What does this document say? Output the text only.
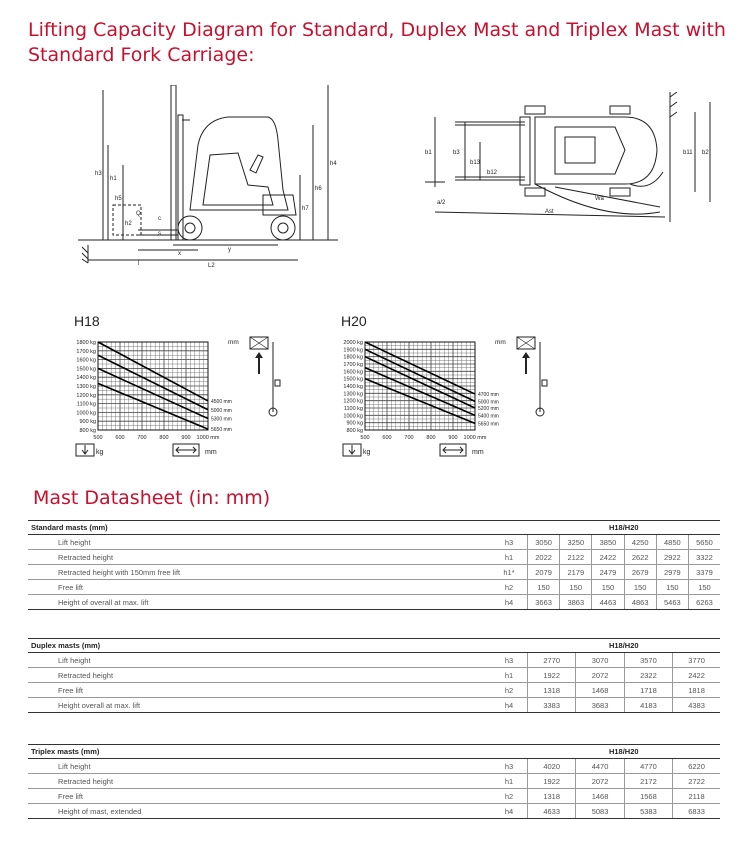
Lifting Capacity Diagram for Standard, Duplex Mast and Triplex Mast with Standard Fork Carriage:
h3
h1
h5
Q
h2
s
c
h4
h6
h7
x
y
l	L2
b1	b3
b13
b12
b11 b2
Wa
Ast
a/2
H18
1800 kg
1700 kg
1600 kg
1500 kg
1400 kg
1300 kg
1200 kg
1100 kg
1000 kg
900 kg
800 kg
500 600 700 800 900 1000 mm
4500 mm
5000 mm
5300 mm
5650 mm
mm
kg	mm
H20
2000 kg
1900 kg
1800 kg
1700 kg
1600 kg
1500 kg
1400 kg
1300 kg
1200 kg
1100 kg
1000 kg
900 kg
800 kg
500 600 700 800 900 1000 mm
4700 mm
5000 mm
5200 mm
5400 mm
5650 mm
mm
kg	mm
Mast Datasheet (in: mm)
Standard masts (mm)		H18/H20					
Lift height	h3	3050	3250	3850	4250	4850	5650
Retracted height	h1	2022	2122	2422	2622	2922	3322
Retracted height with 150mm free lift	h1*	2079	2179	2479	2679	2979	3379
Free lift	h2	150	150	150	150	150	150
Height of overall at max. lift	h4	3663	3863	4463	4863	5463	6263
Duplex masts (mm)		H18/H20			
Lift height	h3	2770	3070	3570	3770
Retracted height	h1	1922	2072	2322	2422
Free lift	h2	1318	1468	1718	1818
Height overall at max. lift	h4	3383	3683	4183	4383
Triplex masts (mm)		H18/H20			
Lift height	h3	4020	4470	4770	6220
Retracted height	h1	1922	2072	2172	2722
Free lift	h2	1318	1468	1568	2118
Height of mast, extended	h4	4633	5083	5383	6833
